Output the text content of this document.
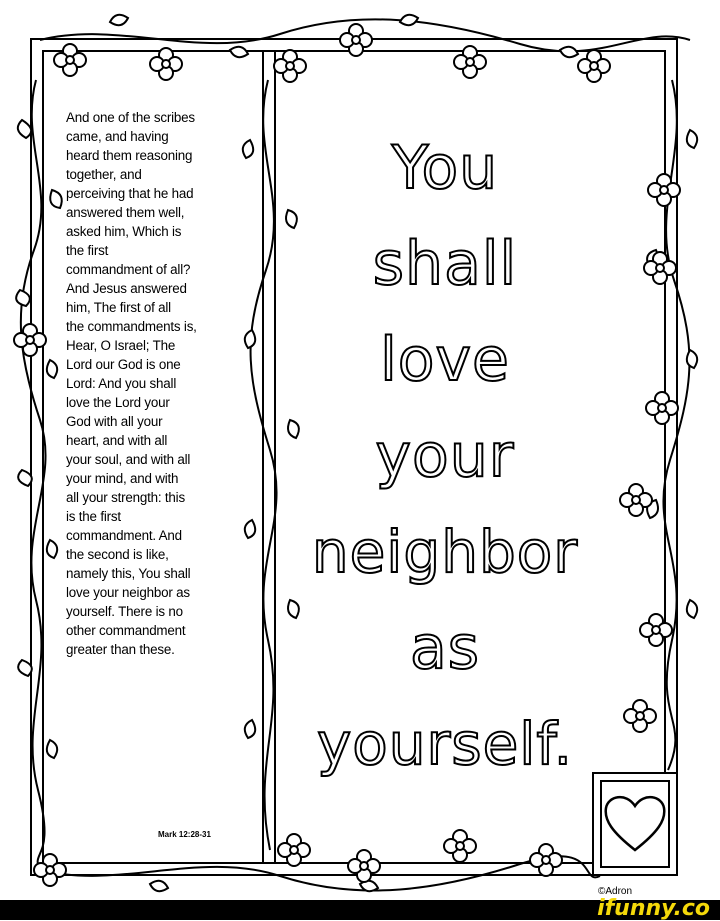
And one of the scribes
came, and having
heard them reasoning
together, and
perceiving that he had
answered them well,
asked him, Which is
the first
commandment of all?
And Jesus answered
him, The first of all
the commandments is,
Hear, O Israel; The
Lord our God is one
Lord: And you shall
love the Lord your
God with all your
heart, and with all
your soul, and with all
your mind, and with
all your strength: this
is the first
commandment. And
the second is like,
namely this, You shall
love your neighbor as
yourself. There is no
other commandment
greater than these.
Mark 12:28-31
You
shall
love
your
neighbor
as
yourself.
©Adron
ifunny.co
